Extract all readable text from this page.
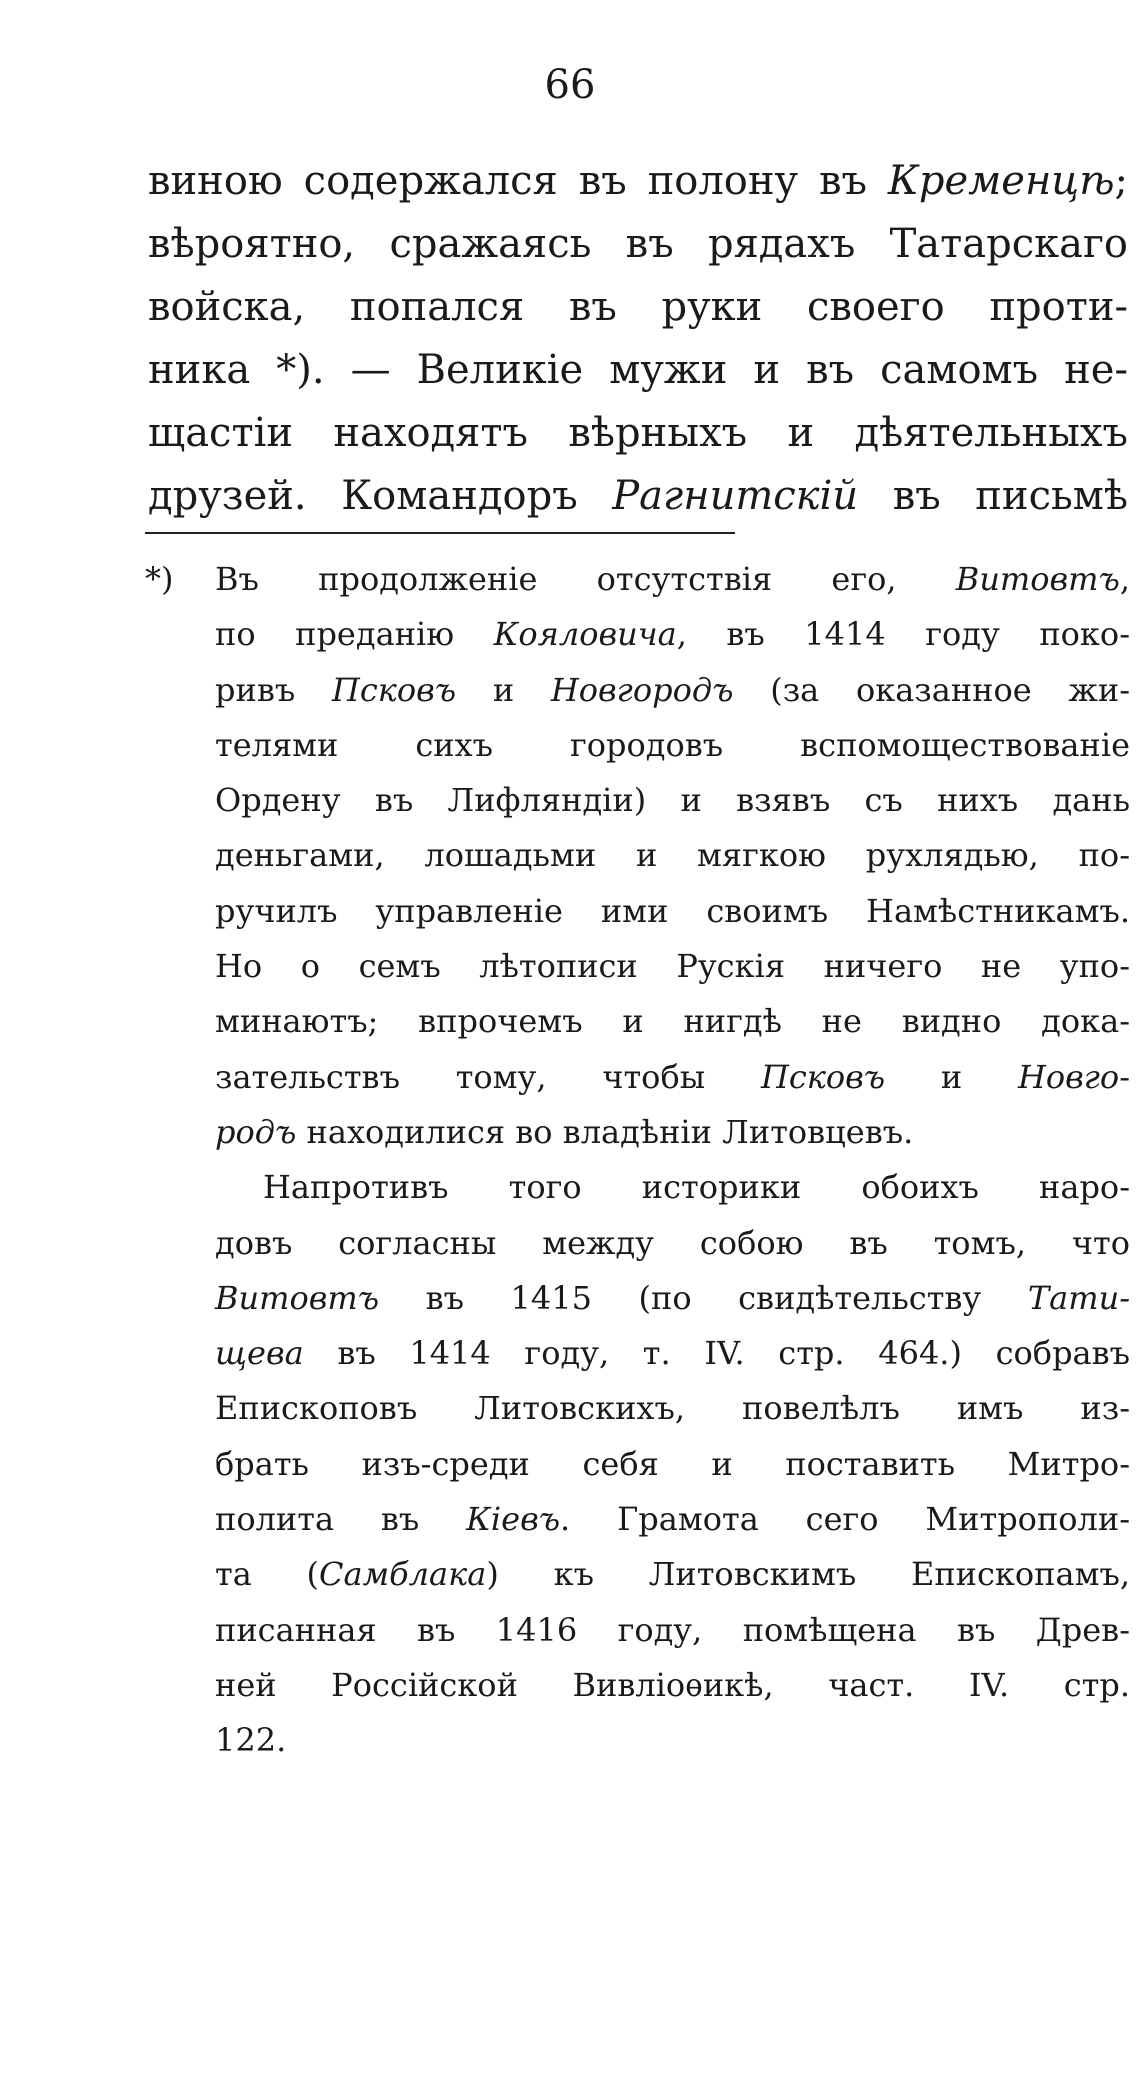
66
виною содержался въ полону въ Кременцѣ;
вѣроятно, сражаясь въ рядахъ Татарскаго
войска, попался въ руки своего проти-
ника *). — Великіе мужи и въ самомъ не-
щастіи находятъ вѣрныхъ и дѣятельныхъ
друзей. Командоръ Рагнитскій въ письмѣ
*) Въ продолженіе отсутствія его, Витовтъ,
по преданію Кояловича, въ 1414 году поко-
ривъ Псковъ и Новгородъ (за оказанное жи-
телями сихъ городовъ вспомоществованіе
Ордену въ Лифляндіи) и взявъ съ нихъ дань
деньгами, лошадьми и мягкою рухлядью, по-
ручилъ управленіе ими своимъ Намѣстникамъ.
Но о семъ лѣтописи Рускія ничего не упо-
минаютъ; впрочемъ и нигдѣ не видно дока-
зательствъ тому, чтобы Псковъ и Новго-
родъ находилися во владѣніи Литовцевъ.
Напротивъ того историки обоихъ наро-
довъ согласны между собою въ томъ, что
Витовтъ въ 1415 (по свидѣтельству Тати-
щева въ 1414 году, т. IV. стр. 464.) собравъ
Епископовъ Литовскихъ, повелѣлъ имъ из-
брать изъ-среди себя и поставить Митро-
полита въ Кіевъ. Грамота сего Митрополи-
та (Самблака) къ Литовскимъ Епископамъ,
писанная въ 1416 году, помѣщена въ Древ-
ней Россійской Вивліоѳикѣ, част. IV. стр.
122.
